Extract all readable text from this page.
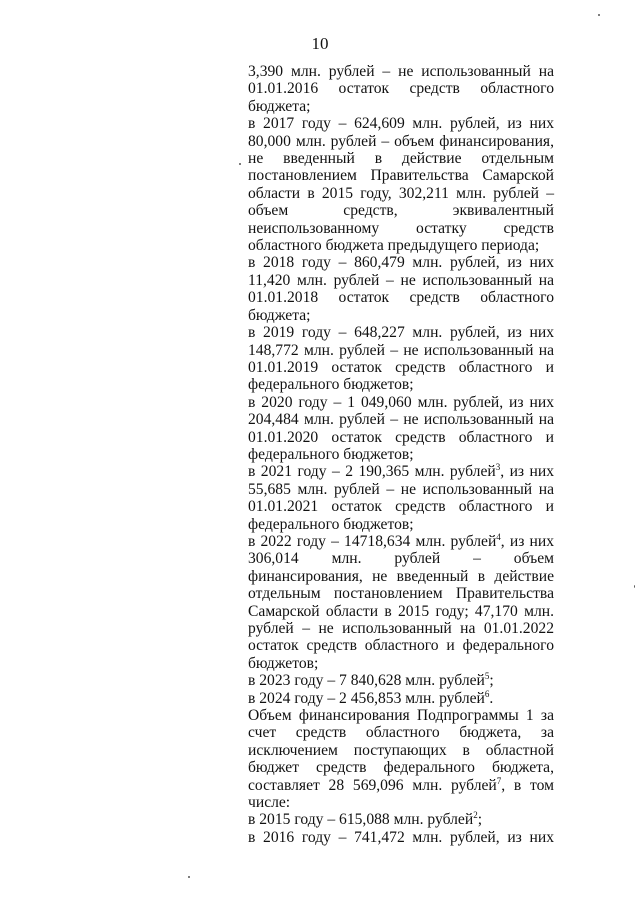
10

3,390 млн. рублей – не использованный на 01.01.2016 остаток средств областного бюджета;

в 2017 году – 624,609 млн. рублей, из них 80,000 млн. рублей – объем финансирования, не введенный в действие отдельным постановлением Правительства Самарской области в 2015 году, 302,211 млн. рублей – объем средств, эквивалентный неиспользованному остатку средств областного бюджета предыдущего периода;

в 2018 году – 860,479 млн. рублей, из них 11,420 млн. рублей – не использованный на 01.01.2018 остаток средств областного бюджета;

в 2019 году – 648,227 млн. рублей, из них 148,772 млн. рублей – не использованный на 01.01.2019 остаток средств областного и федерального бюджетов;

в 2020 году – 1 049,060 млн. рублей, из них 204,484 млн. рублей – не использованный на 01.01.2020 остаток средств областного и федерального бюджетов;

в 2021 году – 2 190,365 млн. рублей$^3$, из них 55,685 млн. рублей – не использованный на 01.01.2021 остаток средств областного и федерального бюджетов;

в 2022 году – 14718,634 млн. рублей$^4$, из них 306,014 млн. рублей – объем финансирования, не введенный в действие отдельным постановлением Правительства Самарской области в 2015 году; 47,170 млн. рублей – не использованный на 01.01.2022 остаток средств областного и федерального бюджетов;

в 2023 году – 7 840,628 млн. рублей$^5$;

в 2024 году – 2 456,853 млн. рублей$^6$.

Объем финансирования Подпрограммы 1 за счет средств областного бюджета, за исключением поступающих в областной бюджет средств федерального бюджета, составляет 28 569,096 млн. рублей$^7$, в том числе:

в 2015 году – 615,088 млн. рублей$^2$;

в 2016 году – 741,472 млн. рублей, из них
